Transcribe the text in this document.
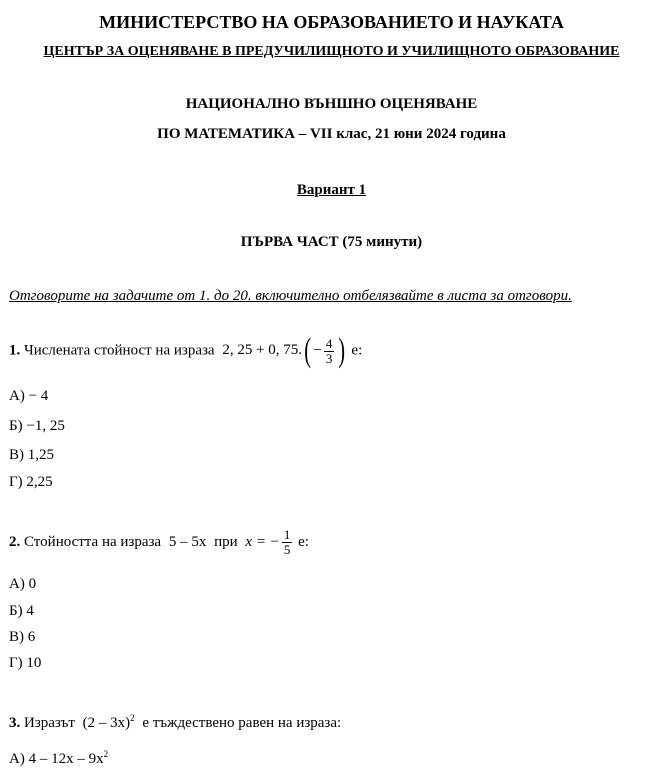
МИНИСТЕРСТВО НА ОБРАЗОВАНИЕТО И НАУКАТА
ЦЕНТЪР ЗА ОЦЕНЯВАНЕ В ПРЕДУЧИЛИЩНОТО И УЧИЛИЩНОТО ОБРАЗОВАНИЕ
НАЦИОНАЛНО ВЪНШНО ОЦЕНЯВАНЕ
ПО МАТЕМАТИКА – VII клас, 21 юни 2024 година
Вариант 1
ПЪРВА ЧАСТ (75 минути)
Отговорите на задачите от 1. до 20. включително отбелязвайте в листа за отговори.
1. Числената стойност на израза 2, 25 + 0, $75.( - \frac{4}{3}$ ) е:
А) − 4
Б) −1, 25
В) 1,25
Г) 2,25
2. Стойността на израза 5 – 5x при x = − $\frac{1}{5} е$:
А) 0
Б) 4
В) 6
Г) 10
3. Изразът (2 – 3x)$^2$ е тъждествено равен на израза:
А) $4 - 12x - 9x^2$
